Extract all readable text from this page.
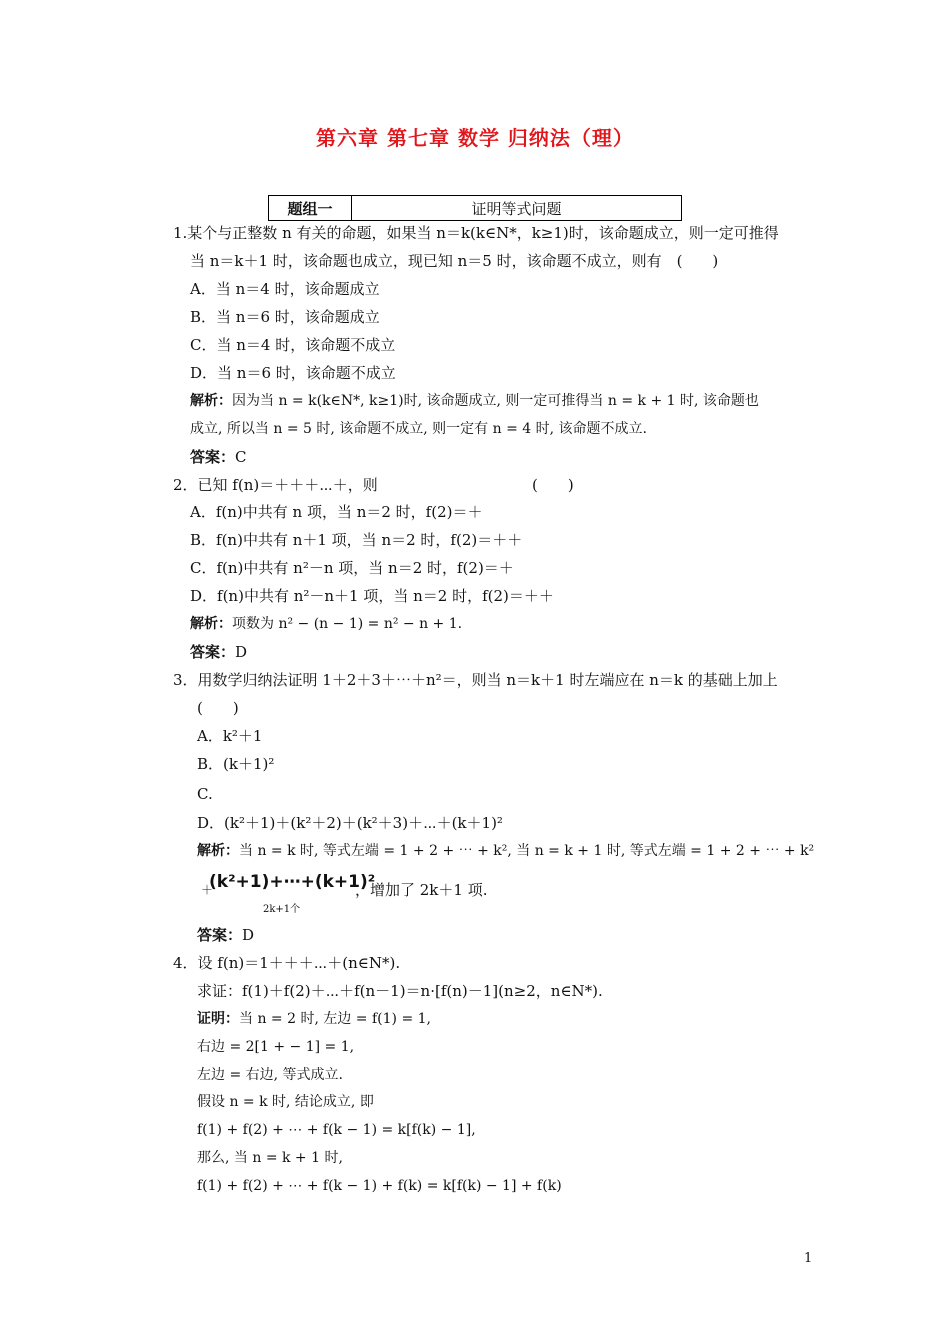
第六章 第七章 数学 归纳法（理）
题组一	证明等式问题
1.某个与正整数 n 有关的命题，如果当 n＝k(k∈N*，k≥1)时，该命题成立，则一定可推得
当 n＝k＋1 时，该命题也成立，现已知 n＝5 时，该命题不成立，则有　(　　)
A．当 n＝4 时，该命题成立
B．当 n＝6 时，该命题成立
C．当 n＝4 时，该命题不成立
D．当 n＝6 时，该命题不成立
解析：因为当 n = k(k∈N*, k≥1)时, 该命题成立, 则一定可推得当 n = k + 1 时, 该命题也
成立, 所以当 n = 5 时, 该命题不成立, 则一定有 n = 4 时, 该命题不成立.
答案：C
2．已知 f(n)＝＋＋＋⋯＋，则	(　　)
A．f(n)中共有 n 项，当 n＝2 时，f(2)＝＋
B．f(n)中共有 n＋1 项，当 n＝2 时，f(2)＝＋＋
C．f(n)中共有 n²－n 项，当 n＝2 时，f(2)＝＋
D．f(n)中共有 n²－n＋1 项，当 n＝2 时，f(2)＝＋＋
解析：项数为 n² − (n − 1) = n² − n + 1.
答案：D
3．用数学归纳法证明 1＋2＋3＋⋯＋n²＝，则当 n＝k＋1 时左端应在 n＝k 的基础上加上
(　　)
A．k²＋1
B．(k＋1)²
C.
D．(k²＋1)＋(k²＋2)＋(k²＋3)＋⋯＋(k＋1)²
解析：当 n = k 时, 等式左端 = 1 + 2 + ⋯ + k², 当 n = k + 1 时, 等式左端 = 1 + 2 + ⋯ + k²
＋
(k²+1)+⋯+(k+1)²
2k+1个
，增加了 2k＋1 项.
答案：D
4．设 f(n)＝1＋＋＋⋯＋(n∈N*).
求证：f(1)＋f(2)＋⋯＋f(n－1)＝n·[f(n)－1](n≥2，n∈N*).
证明：当 n = 2 时, 左边 = f(1) = 1,
右边 = 2[1 + − 1] = 1,
左边 = 右边, 等式成立.
假设 n = k 时, 结论成立, 即
f(1) + f(2) + ⋯ + f(k − 1) = k[f(k) − 1],
那么, 当 n = k + 1 时,
f(1) + f(2) + ⋯ + f(k − 1) + f(k) = k[f(k) − 1] + f(k)
1
